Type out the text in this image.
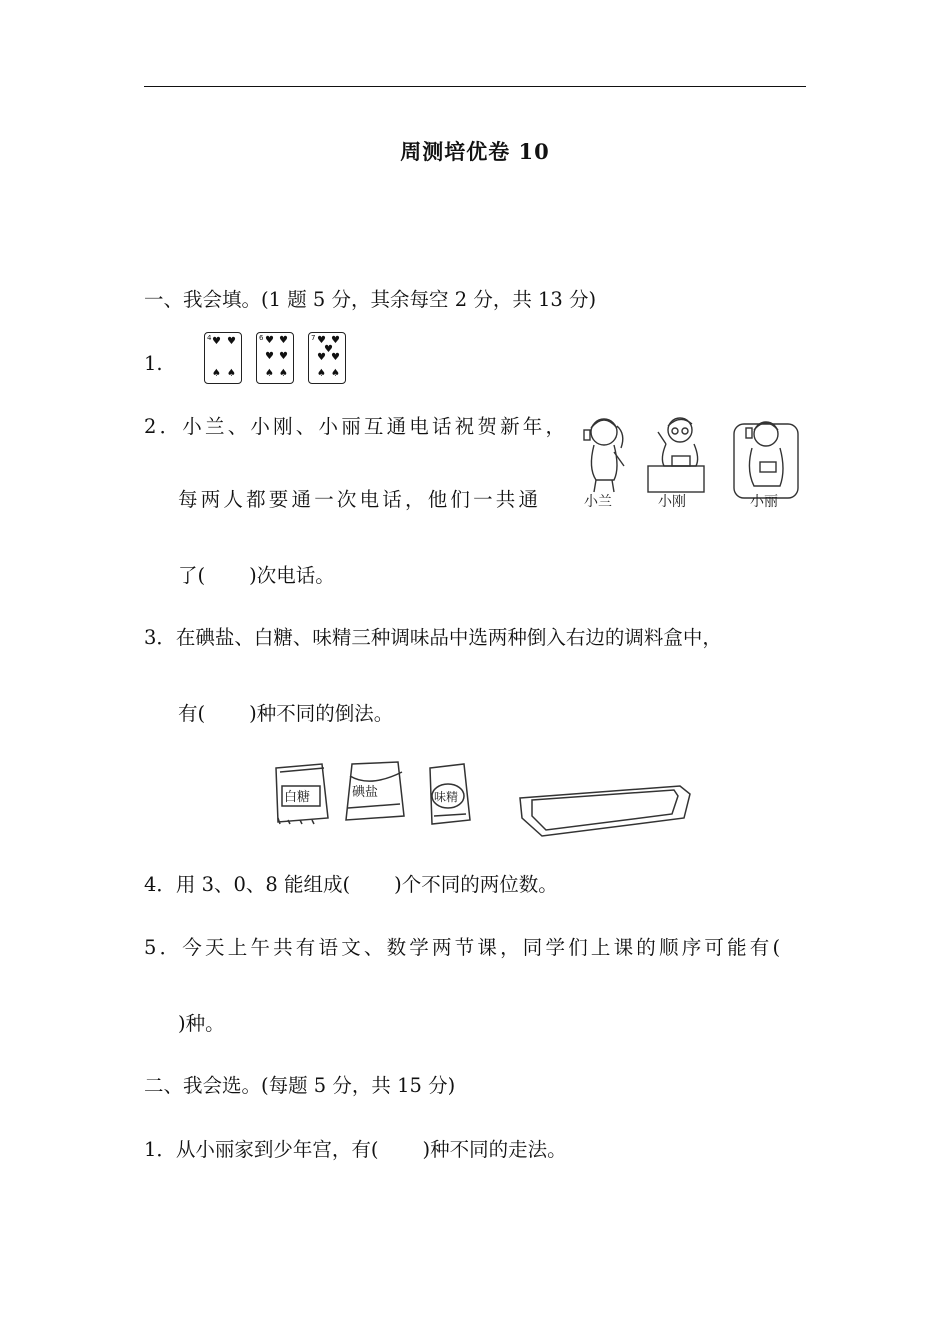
周测培优卷 10
一、我会填。(1 题 5 分，其余每空 2 分，共 13 分)
1.
4 ♥ ♥
♠ ♠
6 ♥ ♥
♥ ♥
♠ ♠
7 ♥ ♥
♥
♥ ♥
♠ ♠
2．小兰、小刚、小丽互通电话祝贺新年，
每两人都要通一次电话，他们一共通
了( )次电话。
小兰	小刚	小丽
3．在碘盐、白糖、味精三种调味品中选两种倒入右边的调料盒中，
有( )种不同的倒法。
白糖	碘盐	味精
4．用 3、0、8 能组成( )个不同的两位数。
5．今天上午共有语文、数学两节课，同学们上课的顺序可能有(
)种。
二、我会选。(每题 5 分，共 15 分)
1．从小丽家到少年宫，有( )种不同的走法。
